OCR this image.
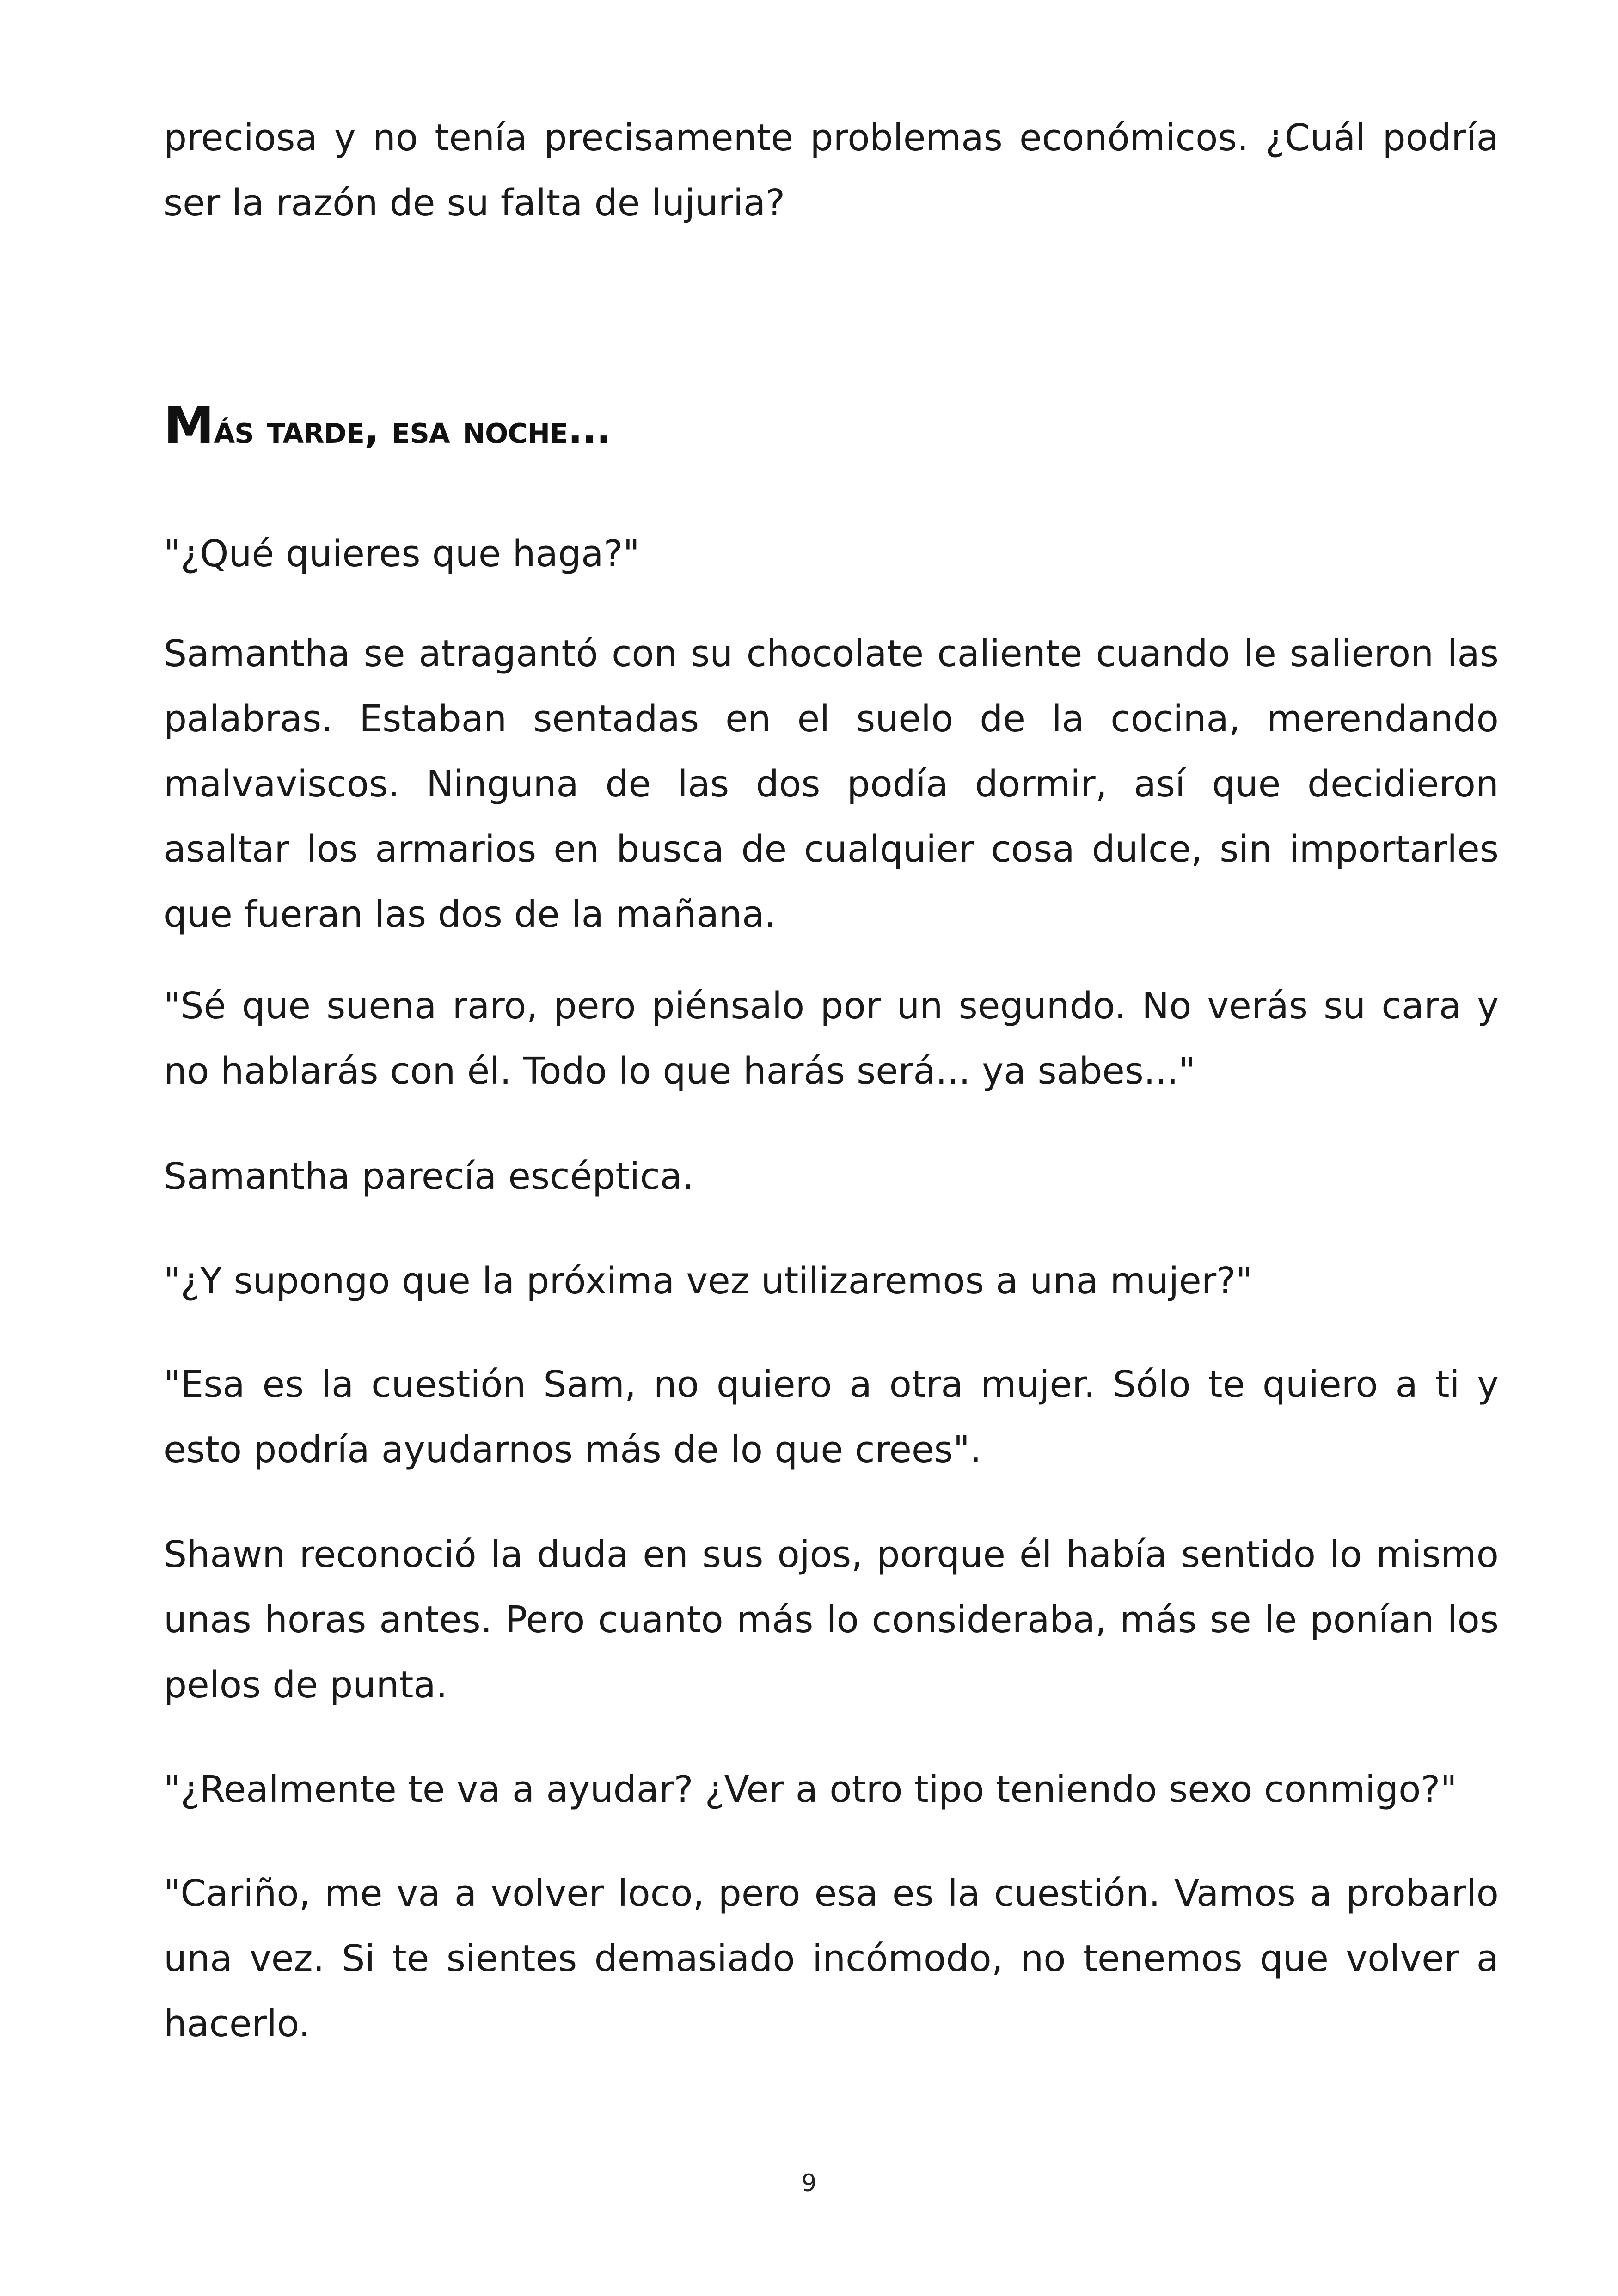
preciosa y no tenía precisamente problemas económicos. ¿Cuál podría ser la razón de su falta de lujuria?

Más tarde, esa noche...

"¿Qué quieres que haga?"

Samantha se atragantó con su chocolate caliente cuando le salieron las palabras. Estaban sentadas en el suelo de la cocina, merendando malvaviscos. Ninguna de las dos podía dormir, así que decidieron asaltar los armarios en busca de cualquier cosa dulce, sin importarles que fueran las dos de la mañana.

"Sé que suena raro, pero piénsalo por un segundo. No verás su cara y no hablarás con él. Todo lo que harás será... ya sabes..."

Samantha parecía escéptica.

"¿Y supongo que la próxima vez utilizaremos a una mujer?"

"Esa es la cuestión Sam, no quiero a otra mujer. Sólo te quiero a ti y esto podría ayudarnos más de lo que crees".

Shawn reconoció la duda en sus ojos, porque él había sentido lo mismo unas horas antes. Pero cuanto más lo consideraba, más se le ponían los pelos de punta.

"¿Realmente te va a ayudar? ¿Ver a otro tipo teniendo sexo conmigo?"

"Cariño, me va a volver loco, pero esa es la cuestión. Vamos a probarlo una vez. Si te sientes demasiado incómodo, no tenemos que volver a hacerlo.

9
